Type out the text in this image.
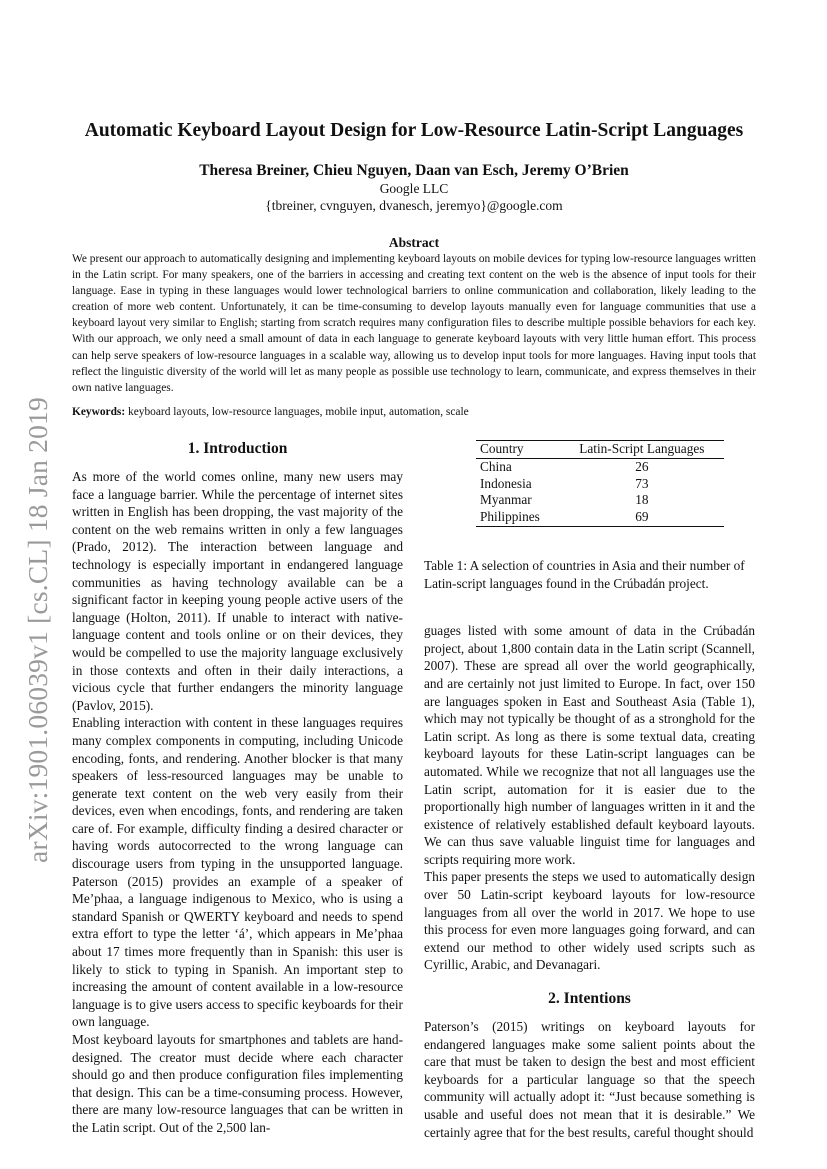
arXiv:1901.06039v1 [cs.CL] 18 Jan 2019
Automatic Keyboard Layout Design for Low-Resource Latin-Script Languages
Theresa Breiner, Chieu Nguyen, Daan van Esch, Jeremy O’Brien
Google LLC
{tbreiner, cvnguyen, dvanesch, jeremyo}@google.com
Abstract
We present our approach to automatically designing and implementing keyboard layouts on mobile devices for typing low-resource languages written in the Latin script. For many speakers, one of the barriers in accessing and creating text content on the web is the absence of input tools for their language. Ease in typing in these languages would lower technological barriers to online communication and collaboration, likely leading to the creation of more web content. Unfortunately, it can be time-consuming to develop layouts manually even for language communities that use a keyboard layout very similar to English; starting from scratch requires many configuration files to describe multiple possible behaviors for each key. With our approach, we only need a small amount of data in each language to generate keyboard layouts with very little human effort. This process can help serve speakers of low-resource languages in a scalable way, allowing us to develop input tools for more languages. Having input tools that reflect the linguistic diversity of the world will let as many people as possible use technology to learn, communicate, and express themselves in their own native languages.
Keywords: keyboard layouts, low-resource languages, mobile input, automation, scale
1. Introduction

As more of the world comes online, many new users may face a language barrier. While the percentage of internet sites written in English has been dropping, the vast majority of the content on the web remains written in only a few languages (Prado, 2012). The interaction between language and technology is especially important in endangered language communities as having technology available can be a significant factor in keeping young people active users of the language (Holton, 2011). If unable to interact with native-language content and tools online or on their devices, they would be compelled to use the majority language exclusively in those contexts and often in their daily interactions, a vicious cycle that further endangers the minority language (Pavlov, 2015).

Enabling interaction with content in these languages requires many complex components in computing, including Unicode encoding, fonts, and rendering. Another blocker is that many speakers of less-resourced languages may be unable to generate text content on the web very easily from their devices, even when encodings, fonts, and rendering are taken care of. For example, difficulty finding a desired character or having words autocorrected to the wrong language can discourage users from typing in the unsupported language. Paterson (2015) provides an example of a speaker of Me’phaa, a language indigenous to Mexico, who is using a standard Spanish or QWERTY keyboard and needs to spend extra effort to type the letter ‘á’, which appears in Me’phaa about 17 times more frequently than in Spanish: this user is likely to stick to typing in Spanish. An important step to increasing the amount of content available in a low-resource language is to give users access to specific keyboards for their own language.

Most keyboard layouts for smartphones and tablets are hand-designed. The creator must decide where each character should go and then produce configuration files implementing that design. This can be a time-consuming process. However, there are many low-resource languages that can be written in the Latin script. Out of the 2,500 lan-

Country	Latin-Script Languages
China	26
Indonesia	73
Myanmar	18
Philippines	69

Table 1: A selection of countries in Asia and their number of Latin-script languages found in the Crúbadán project.

guages listed with some amount of data in the Crúbadán project, about 1,800 contain data in the Latin script (Scannell, 2007). These are spread all over the world geographically, and are certainly not just limited to Europe. In fact, over 150 are languages spoken in East and Southeast Asia (Table 1), which may not typically be thought of as a stronghold for the Latin script. As long as there is some textual data, creating keyboard layouts for these Latin-script languages can be automated. While we recognize that not all languages use the Latin script, automation for it is easier due to the proportionally high number of languages written in it and the existence of relatively established default keyboard layouts. We can thus save valuable linguist time for languages and scripts requiring more work.

This paper presents the steps we used to automatically design over 50 Latin-script keyboard layouts for low-resource languages from all over the world in 2017. We hope to use this process for even more languages going forward, and can extend our method to other widely used scripts such as Cyrillic, Arabic, and Devanagari.

2. Intentions

Paterson’s (2015) writings on keyboard layouts for endangered languages make some salient points about the care that must be taken to design the best and most efficient keyboards for a particular language so that the speech community will actually adopt it: “Just because something is usable and useful does not mean that it is desirable.” We certainly agree that for the best results, careful thought should
